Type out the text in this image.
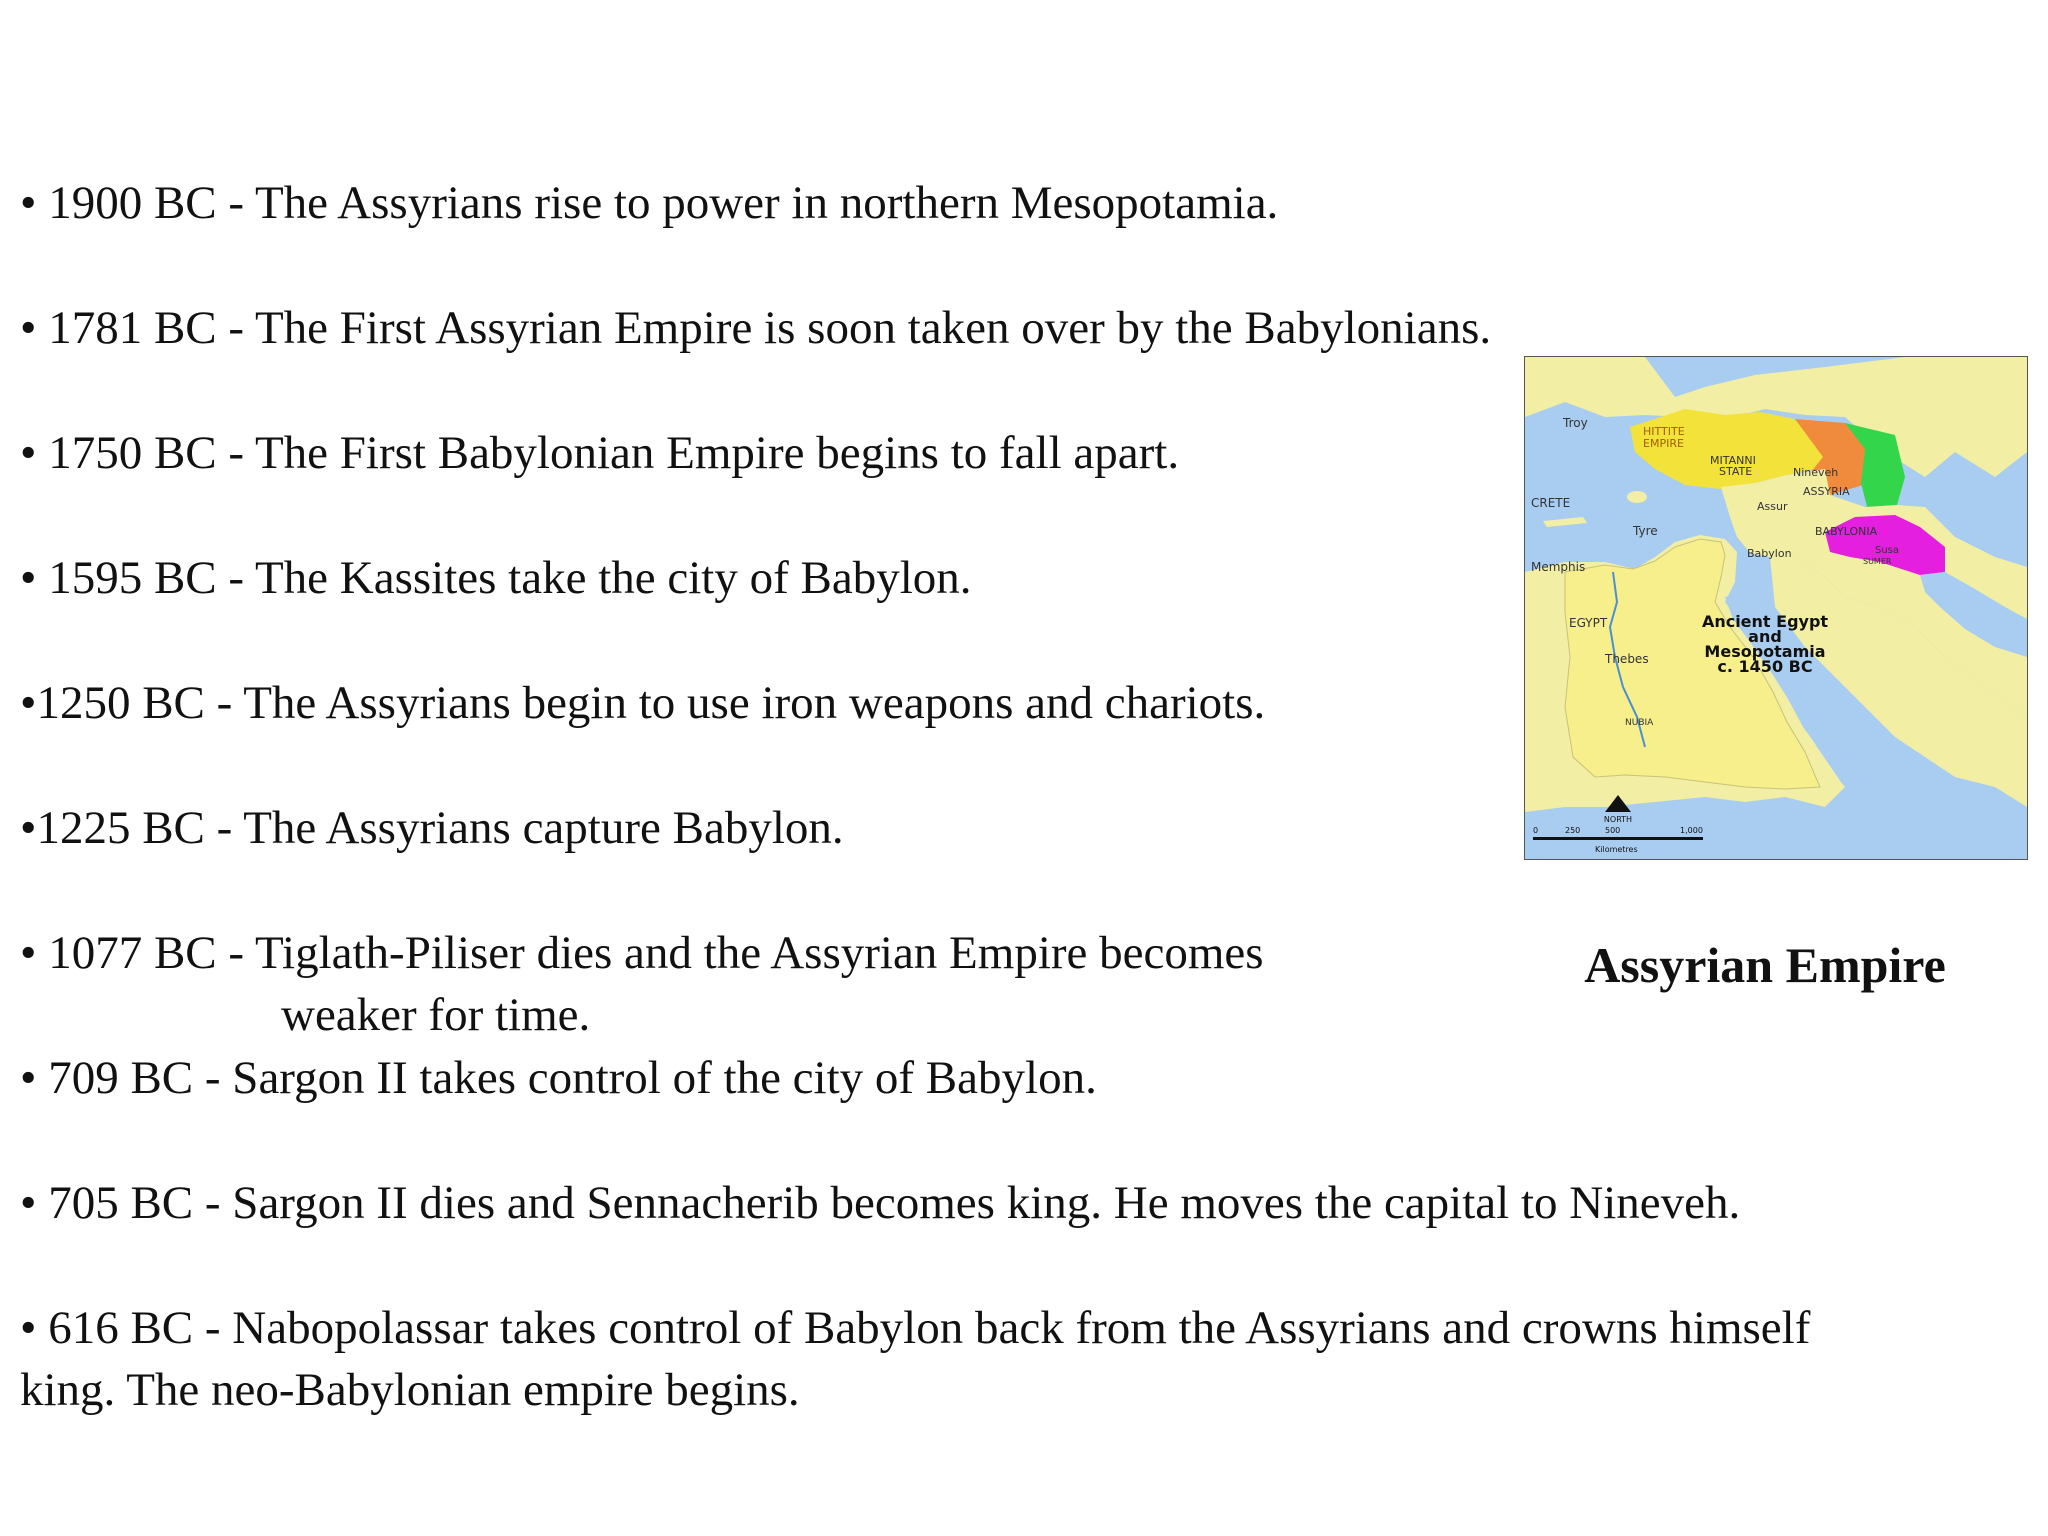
• 1900 BC - The Assyrians rise to power in northern Mesopotamia.

• 1781 BC - The First Assyrian Empire is soon taken over by the Babylonians.

• 1750 BC - The First Babylonian Empire begins to fall apart.

• 1595 BC - The Kassites take the city of Babylon.

•1250 BC - The Assyrians begin to use iron weapons and chariots.

•1225 BC - The Assyrians capture Babylon.

• 1077 BC - Tiglath-Piliser dies and the Assyrian Empire becomes
weaker for time.

• 709 BC - Sargon II takes control of the city of Babylon.

• 705 BC - Sargon II dies and Sennacherib becomes king. He moves the capital to Nineveh.

• 616 BC - Nabopolassar takes control of Babylon back from the Assyrians and crowns himself
king. The neo-Babylonian empire begins.

Troy
HITTITE
EMPIRE
MITANNI
STATE	Nineveh
ASSYRIA
Assur
CRETE
Tyre	BABYLONIA
Babylon	Susa
SUMER
Memphis
EGYPT
Thebes
NUBIA
Ancient Egypt
and
Mesopotamia
c. 1450 BC
NORTH
0	250	500	1,000
Kilometres
Assyrian Empire
